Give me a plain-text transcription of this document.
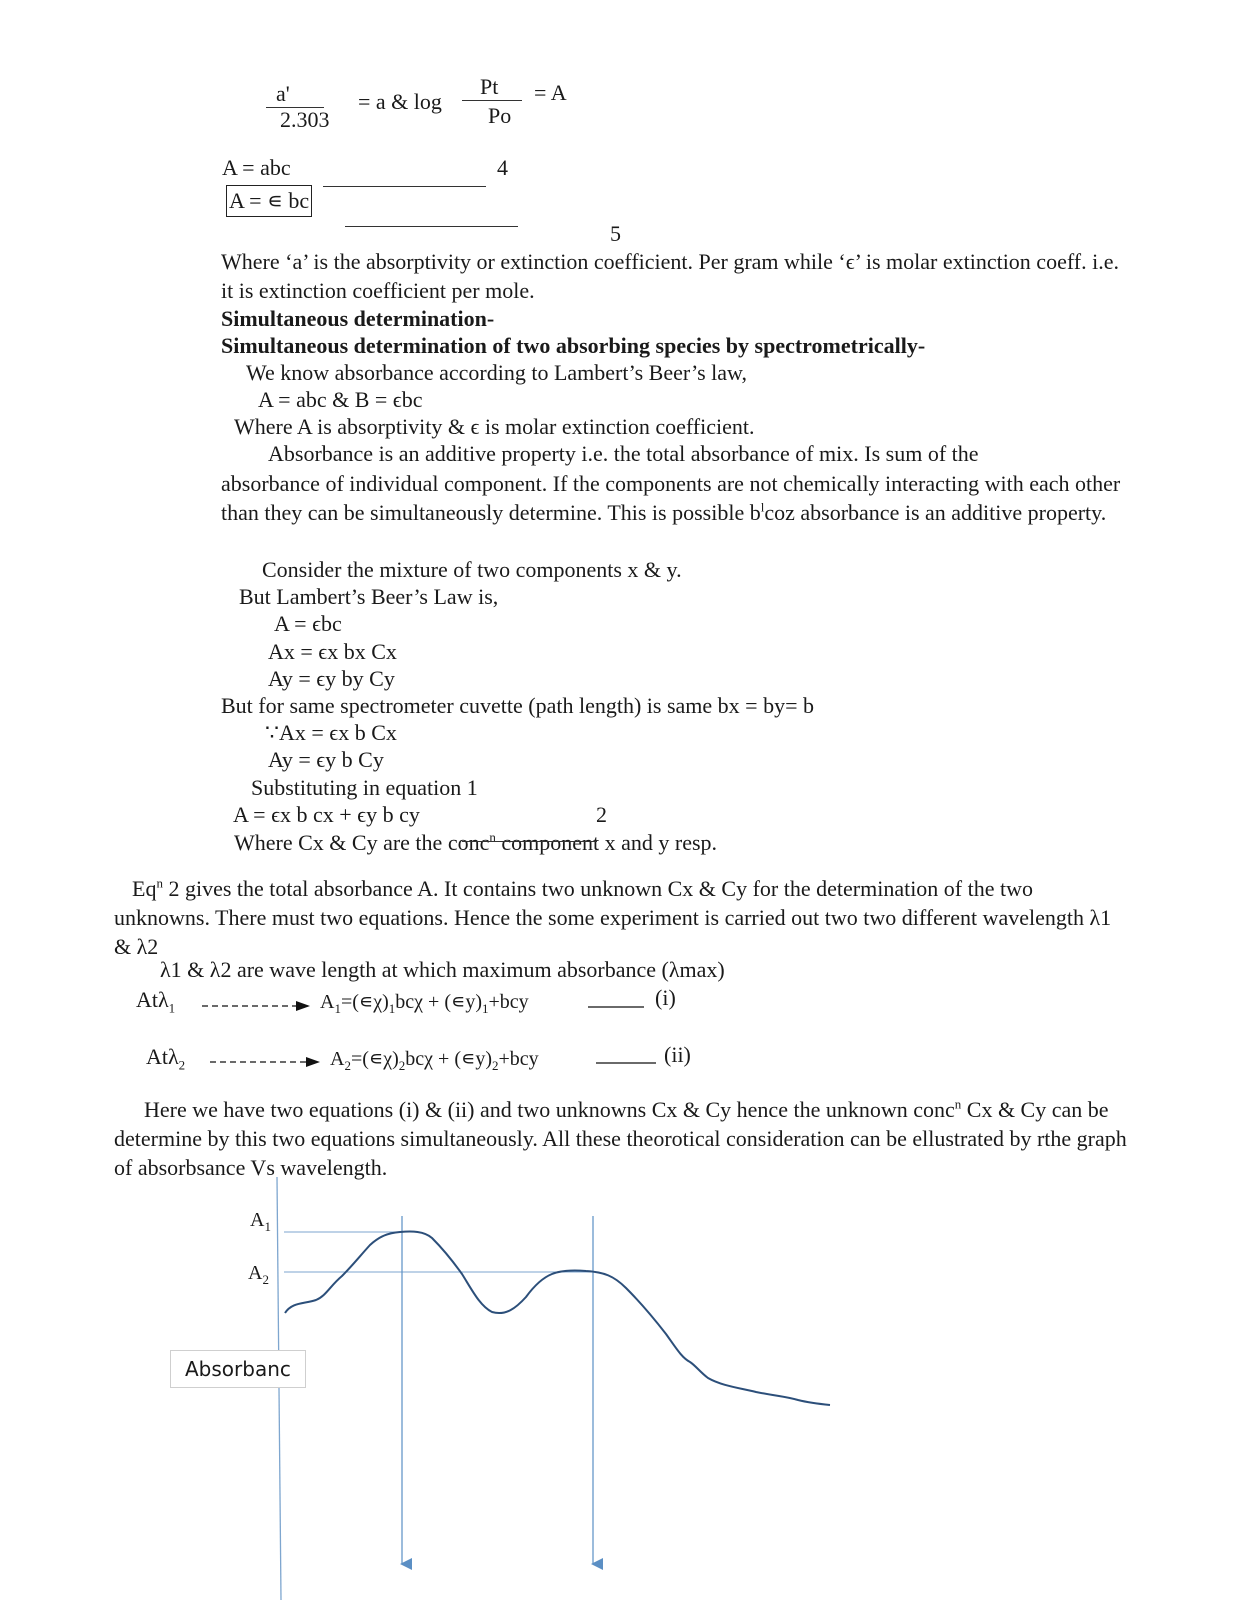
a'
2.303
= a & log
Pt
Po
= A
A = abc	4
A = ∊ bc
5
Where ‘a’ is the absorptivity or extinction coefficient. Per gram while ‘ϵ’ is molar extinction coeff. i.e. it is extinction coefficient per mole.
Simultaneous determination-
Simultaneous determination of two absorbing species by spectrometrically-
We know absorbance according to Lambert’s Beer’s law,
A = abc & B = ϵbc
Where A is absorptivity & ϵ is molar extinction coefficient.
Absorbance is an additive property i.e. the total absorbance of mix. Is sum of the
absorbance of individual component. If the components are not chemically interacting with each other than they can be simultaneously determine. This is possible $b^lcoz$ absorbance is an additive property.
Consider the mixture of two components x & y.
But Lambert’s Beer’s Law is,
A = ϵbc
Ax = ϵx bx Cx
Ay = ϵy by Cy
But for same spectrometer cuvette (path length) is same bx = by= b
∵Ax = ϵx b Cx
Ay = ϵy b Cy
Substituting in equation 1
A = ϵx b cx + ϵy b cy	2
Where Cx & Cy are the conc$^n$ component x and y resp.
Eq$^n$ 2 gives the total absorbance A. It contains two unknown Cx & Cy for the determination of the two unknowns. There must two equations. Hence the some experiment is carried out two two different wavelength λ1 & λ2
λ1 & λ2 are wave length at which maximum absorbance (λmax)
Atλ$_1$	$A_1=(∊\chi)_1bc\chi$ + $(∊y)_1+bcy$	(i)
Atλ$_2$	$A_2=(∊\chi)_2bc\chi$ + $(∊y)_2+bcy$	(ii)
Here we have two equations (i) & (ii) and two unknowns Cx & Cy hence the unknown conc$^n$ Cx & Cy can be determine by this two equations simultaneously. All these theorotical consideration can be ellustrated by rthe graph of absorbsance Vs wavelength.
$A_1$
$A_2$
Absorbanc
